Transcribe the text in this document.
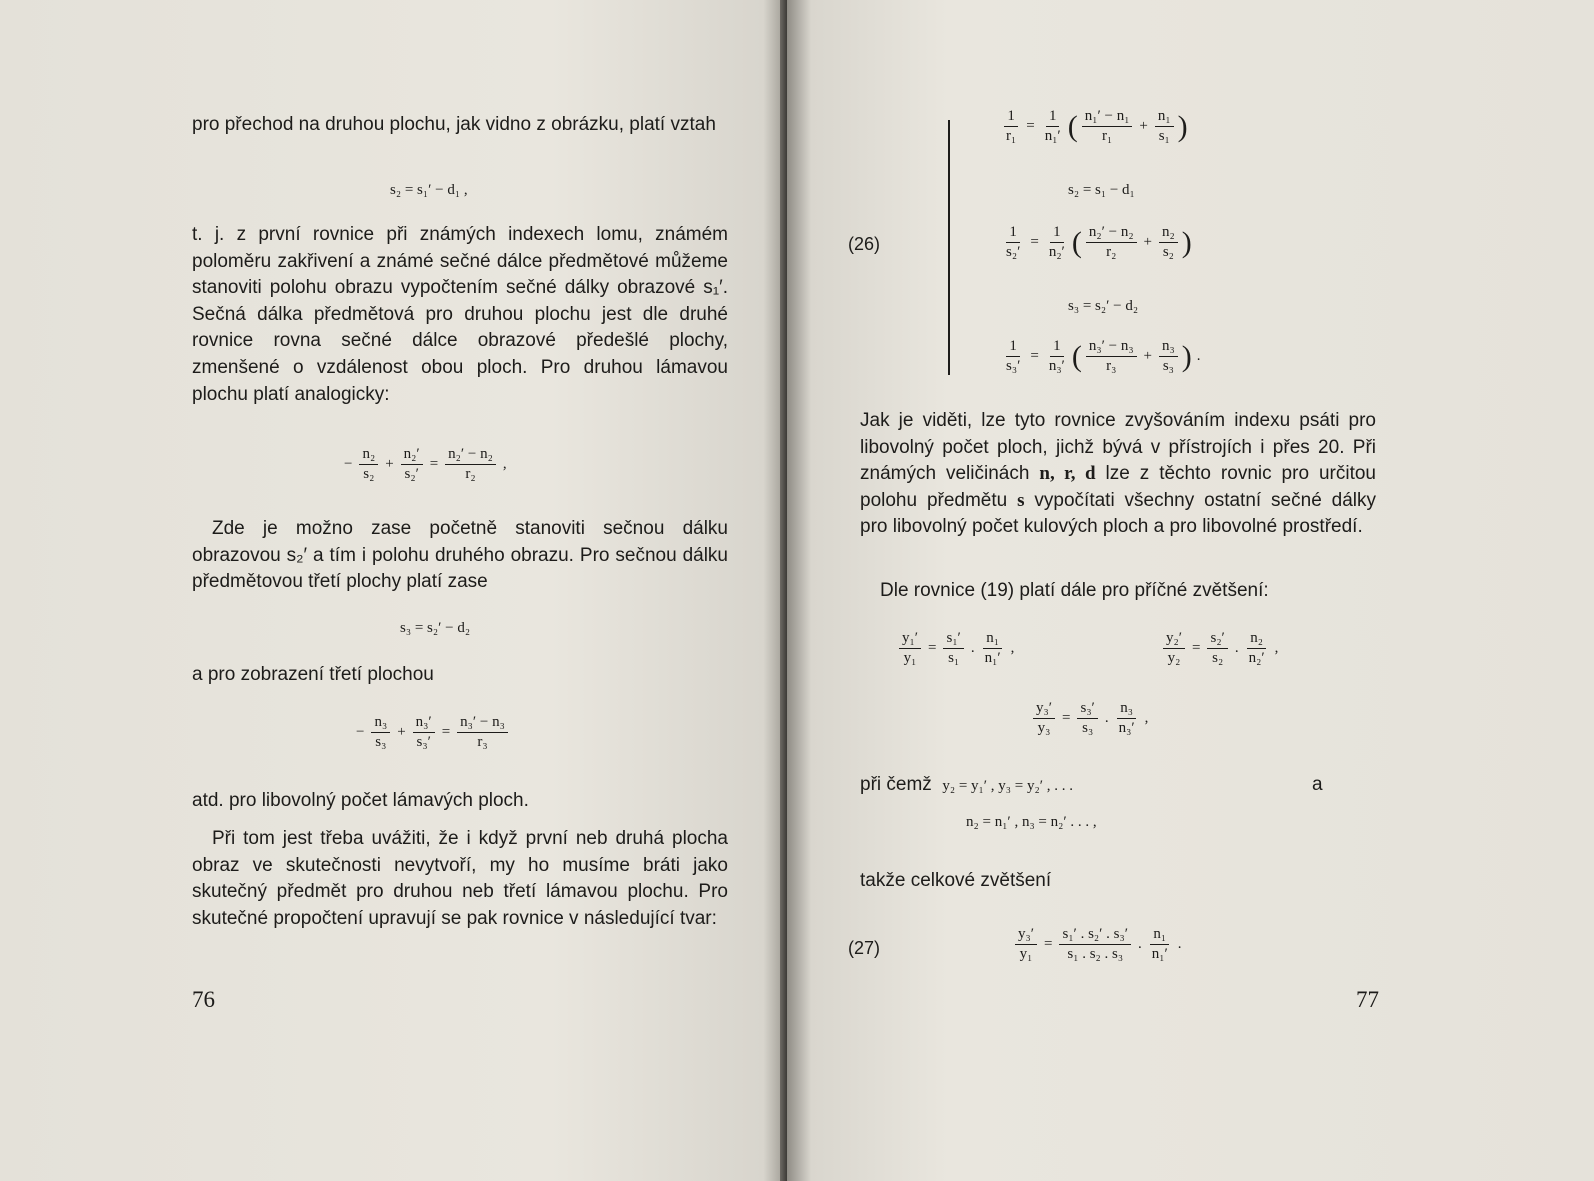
pro přechod na druhou plochu, jak vidno z obrázku, platí vztah

s₂ = s₁′ − d₁
,

t. j. z první rovnice při známých indexech lomu, známém poloměru zakřivení a známé sečné dálce předmětové můžeme stanoviti polohu obrazu vypočtením sečné dálky obrazové s₁′. Sečná dálka předmětová pro druhou plochu jest dle druhé rovnice rovna sečné dálce obrazové předešlé plochy, zmenšené o vzdálenost obou ploch. Pro druhou lámavou plochu platí analogicky:

− $\frac{\text{n₂}}{\text{s₂}} + \frac{\text{n₂′}}{\text{s₂′}} = \frac{\text{n₂′ − n₂}}{\text{r₂}}$ ,

Zde je možno zase početně stanoviti sečnou dálku obrazovou s₂′ a tím i polohu druhého obrazu. Pro sečnou dálku předmětovou třetí plochy platí zase

s₃ = s₂′ − d₂

a pro zobrazení třetí plochou

− $\frac{\text{n₃}}{\text{s₃}} + \frac{\text{n₃′}}{\text{s₃′}} = \frac{\text{n₃′ − n₃}}{\text{r₃}}$

atd. pro libovolný počet lámavých ploch.

Při tom jest třeba uvážiti, že i když první neb druhá plocha obraz ve skutečnosti nevytvoří, my ho musíme bráti jako skutečný předmět pro druhou neb třetí lámavou plochu. Pro skutečné propočtení upravují se pak rovnice v následující tvar:

76
(26)
$\frac{1}{\text{r₁}} = \frac{1}{\text{n₁′}}$ ( $\frac{\text{n₁′ − n₁}}{\text{r₁}} + \frac{\text{n₁}}{\text{s₁}}$ )
s₂ = s₁ − d₁
$\frac{1}{\text{s₂′}} = \frac{1}{\text{n₂′}}$ ( $\frac{\text{n₂′ − n₂}}{\text{r₂}} + \frac{\text{n₂}}{\text{s₂}}$ )
s₃ = s₂′ − d₂
$\frac{1}{\text{s₃′}} = \frac{1}{\text{n₃′}}$ ( $\frac{\text{n₃′ − n₃}}{\text{r₃}} + \frac{\text{n₃}}{\text{s₃}}$ ) .

Jak je viděti, lze tyto rovnice zvyšováním indexu psáti pro libovolný počet ploch, jichž bývá v přístrojích i přes 20. Při známých veličinách n, r, d lze z těchto rovnic pro určitou polohu předmětu s vypočítati všechny ostatní sečné dálky pro libovolný počet kulových ploch a pro libovolné prostředí.

Dle rovnice (19) platí dále pro příčné zvětšení:

$\frac{\text{y₁′}}{\text{y₁}} = \frac{\text{s₁′}}{\text{s₁}}$ . $\frac{\text{n₁}}{\text{n₁′}}$ ,	$\frac{\text{y₂′}}{\text{y₂}} = \frac{\text{s₂′}}{\text{s₂}}$ . $\frac{\text{n₂}}{\text{n₂′}}$ ,
$\frac{\text{y₃′}}{\text{y₃}} = \frac{\text{s₃′}}{\text{s₃}}$ . $\frac{\text{n₃}}{\text{n₃′}}$ ,

při čemž y₂ = y₁′ , y₃ = y₂′ , . . .	a

n₂ = n₁′ , n₃ = n₂′ . . . ,

takže celkové zvětšení

(27)	$\frac{\text{y₃′}}{\text{y₁}} = \frac{\text{s₁′ . s₂′ . s₃′}}{\text{s₁ . s₂ . s₃}}$ . $\frac{\text{n₁}}{\text{n₁′}}$ .
77
